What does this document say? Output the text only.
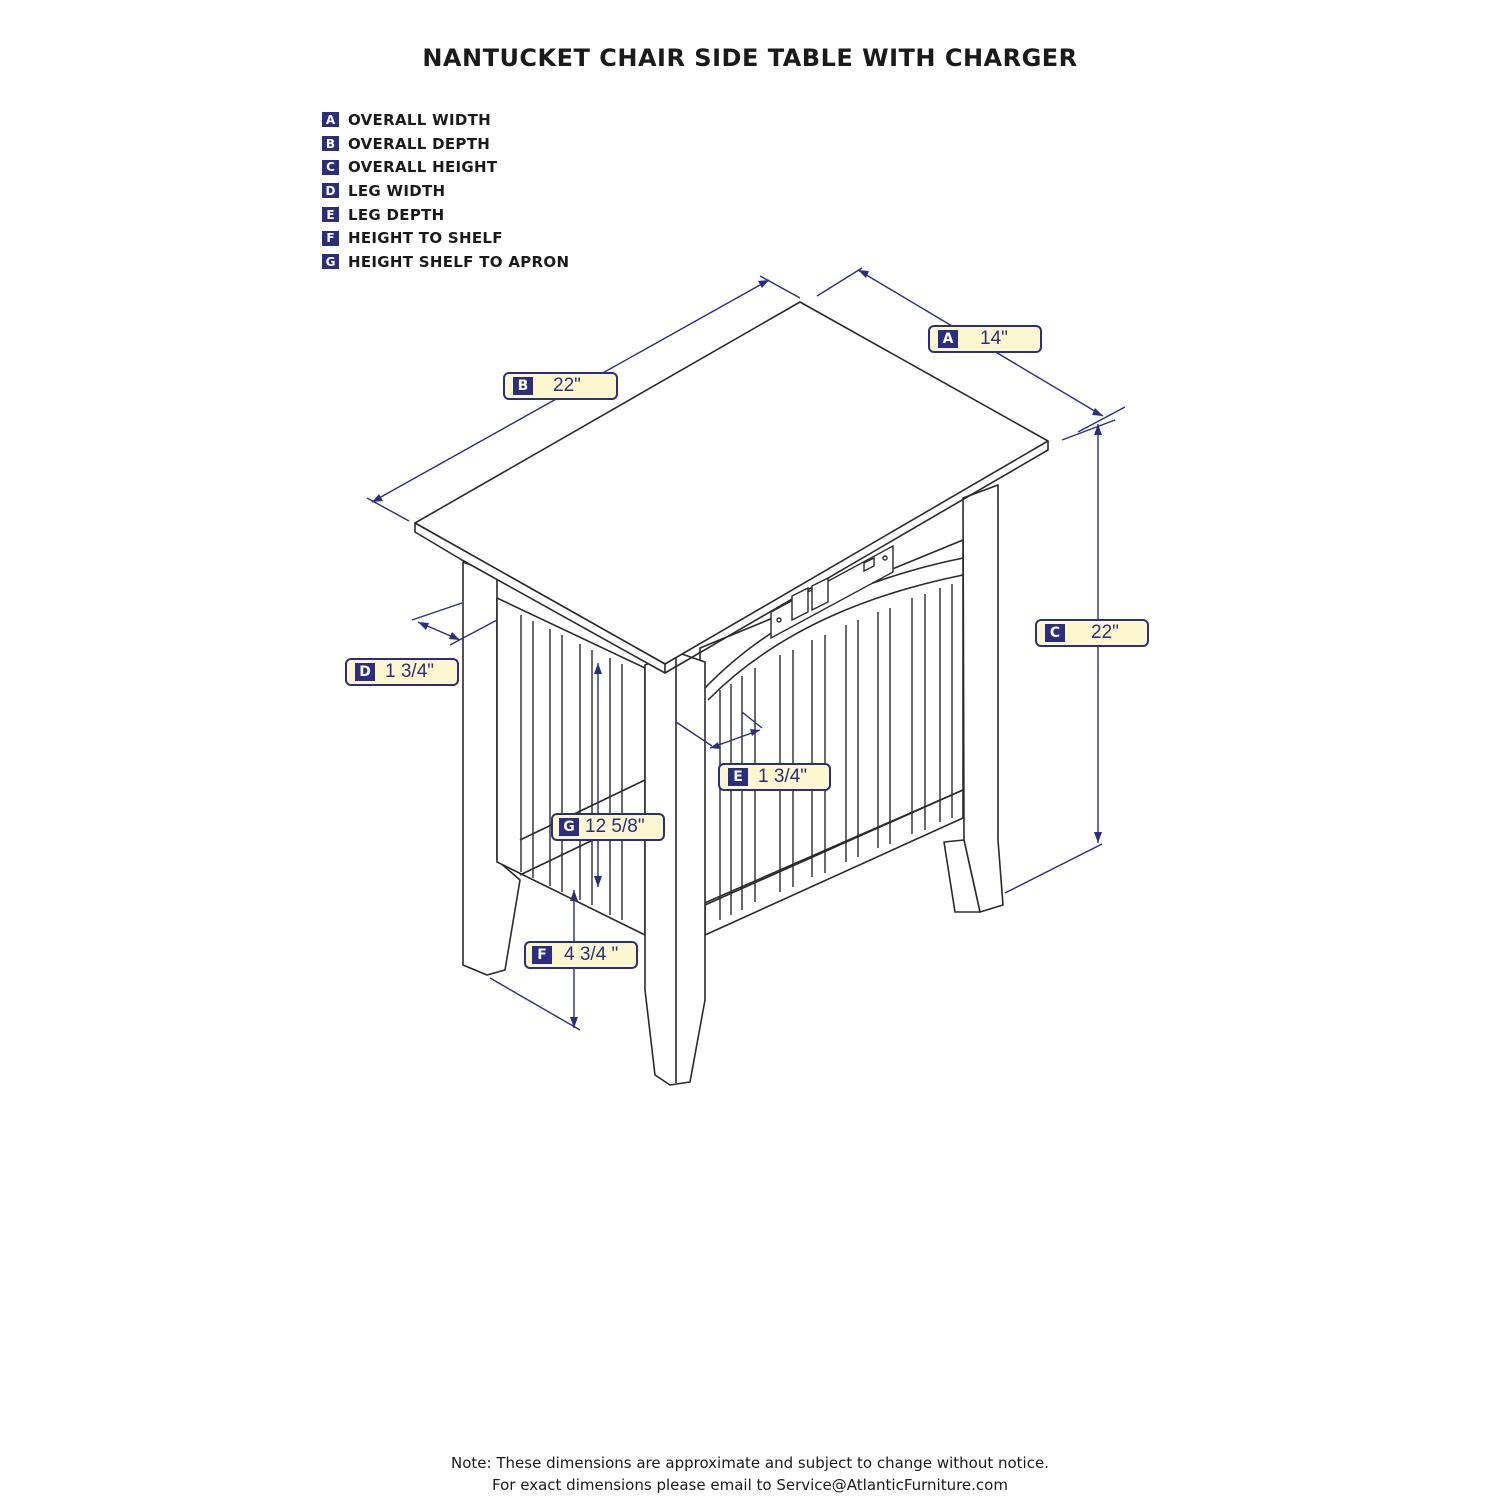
NANTUCKET CHAIR SIDE TABLE WITH CHARGER
A OVERALL WIDTH
B OVERALL DEPTH
C OVERALL HEIGHT
D LEG WIDTH
E LEG DEPTH
F HEIGHT TO SHELF
G HEIGHT SHELF TO APRON
A 14"
B 22"
C 22"
D 1 3/4"
E 1 3/4"
G 12 5/8"
F 4 3/4 "
Note: These dimensions are approximate and subject to change without notice.
For exact dimensions please email to Service@AtlanticFurniture.com
